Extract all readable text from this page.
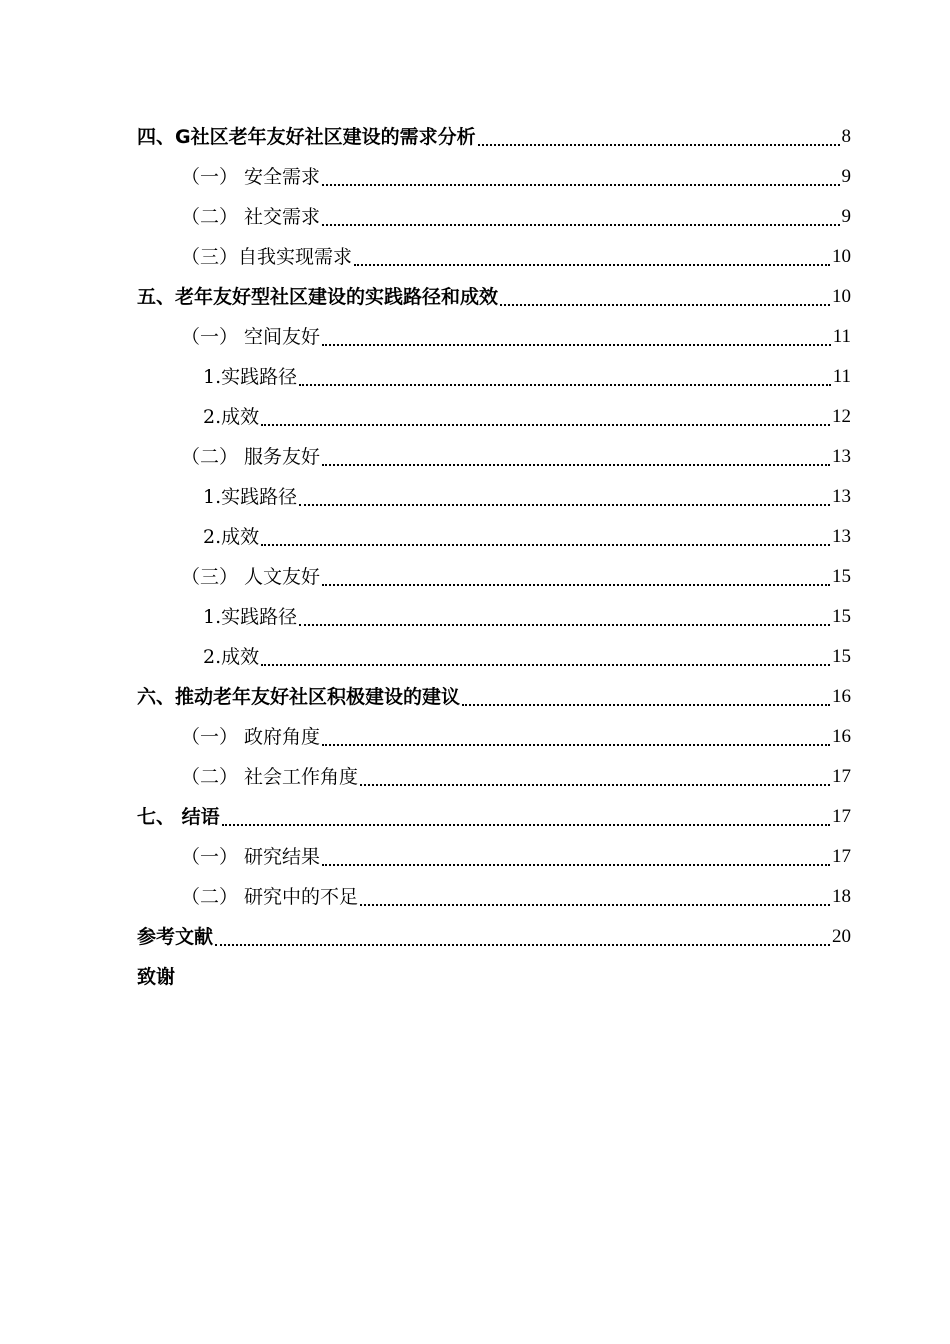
四、G社区老年友好社区建设的需求分析	8
（一） 安全需求	9
（二） 社交需求	9
（三）自我实现需求	10
五、老年友好型社区建设的实践路径和成效	10
（一） 空间友好	11
1.实践路径	11
2.成效	12
（二） 服务友好	13
1.实践路径	13
2.成效	13
（三） 人文友好	15
1.实践路径	15
2.成效	15
六、推动老年友好社区积极建设的建议	16
（一） 政府角度	16
（二） 社会工作角度	17
七、 结语	17
（一） 研究结果	17
（二） 研究中的不足	18
参考文献	20
致谢
